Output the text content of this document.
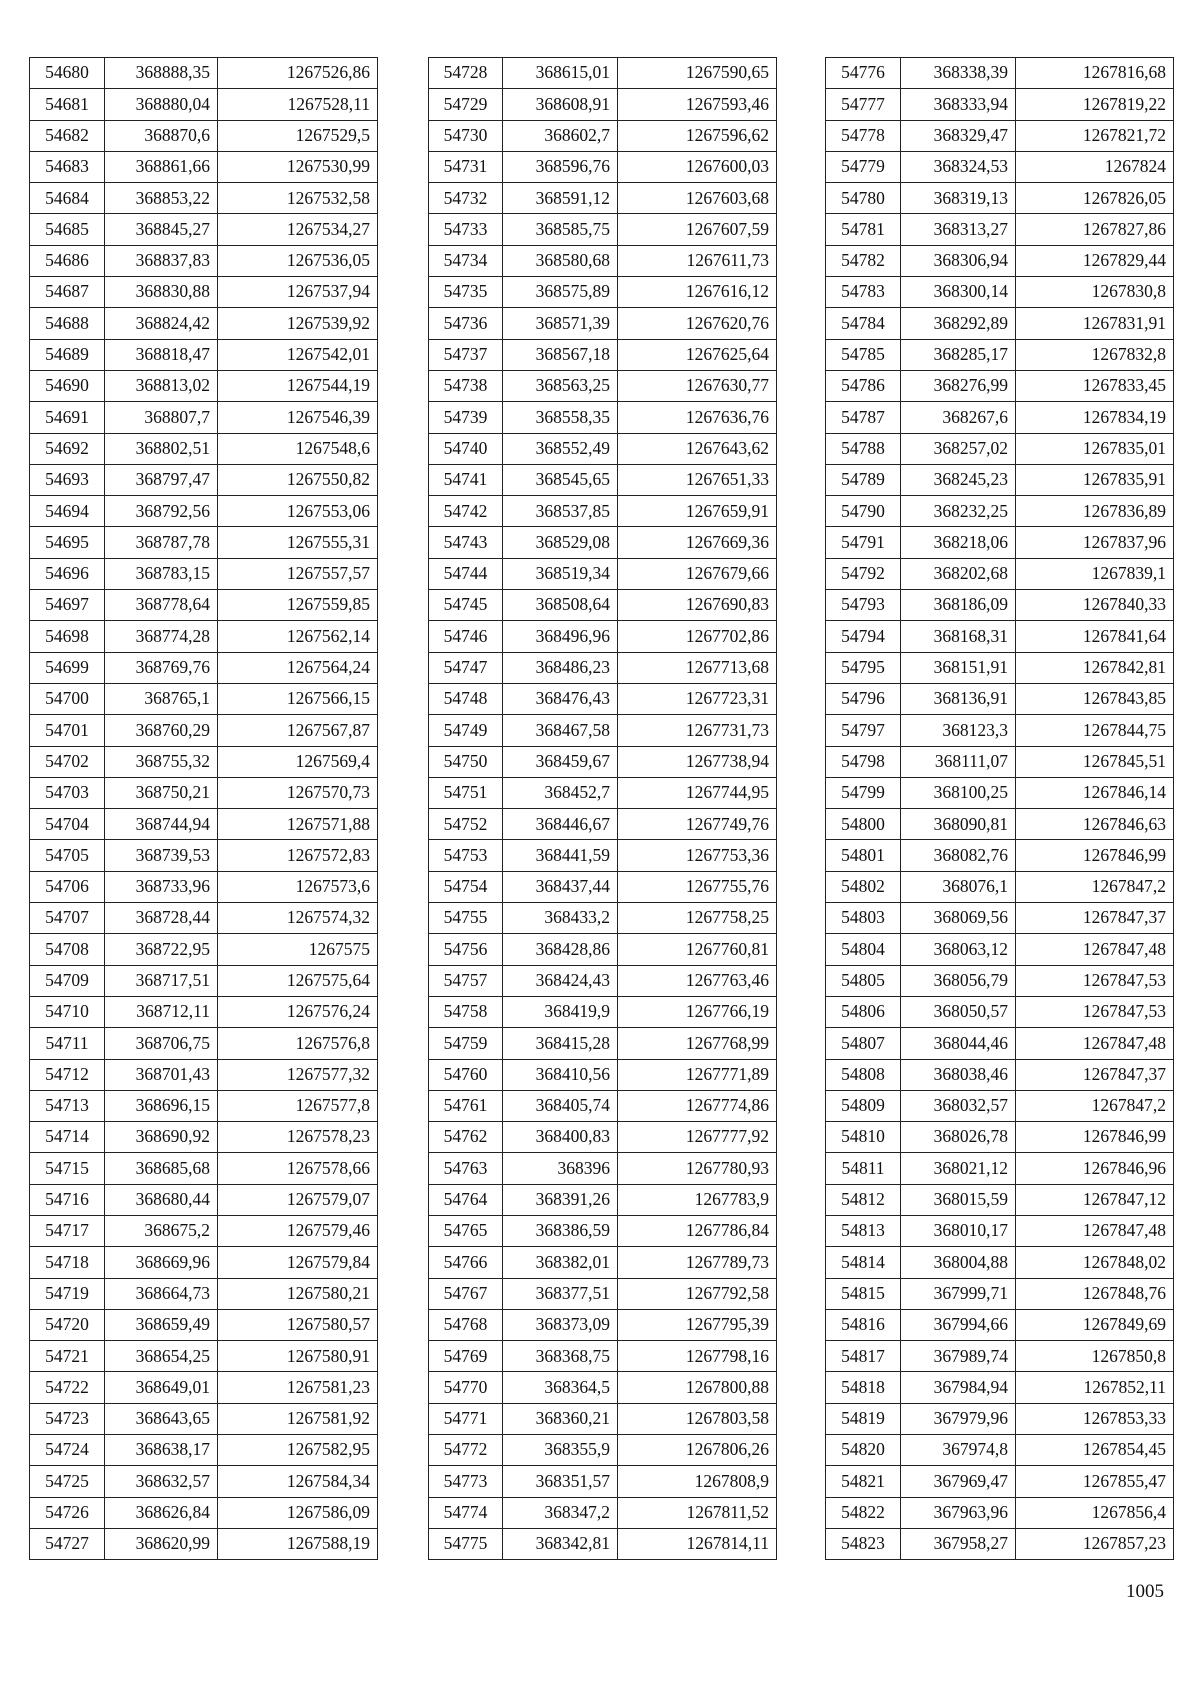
54680	368888,35	1267526,86
54681	368880,04	1267528,11
54682	368870,6	1267529,5
54683	368861,66	1267530,99
54684	368853,22	1267532,58
54685	368845,27	1267534,27
54686	368837,83	1267536,05
54687	368830,88	1267537,94
54688	368824,42	1267539,92
54689	368818,47	1267542,01
54690	368813,02	1267544,19
54691	368807,7	1267546,39
54692	368802,51	1267548,6
54693	368797,47	1267550,82
54694	368792,56	1267553,06
54695	368787,78	1267555,31
54696	368783,15	1267557,57
54697	368778,64	1267559,85
54698	368774,28	1267562,14
54699	368769,76	1267564,24
54700	368765,1	1267566,15
54701	368760,29	1267567,87
54702	368755,32	1267569,4
54703	368750,21	1267570,73
54704	368744,94	1267571,88
54705	368739,53	1267572,83
54706	368733,96	1267573,6
54707	368728,44	1267574,32
54708	368722,95	1267575
54709	368717,51	1267575,64
54710	368712,11	1267576,24
54711	368706,75	1267576,8
54712	368701,43	1267577,32
54713	368696,15	1267577,8
54714	368690,92	1267578,23
54715	368685,68	1267578,66
54716	368680,44	1267579,07
54717	368675,2	1267579,46
54718	368669,96	1267579,84
54719	368664,73	1267580,21
54720	368659,49	1267580,57
54721	368654,25	1267580,91
54722	368649,01	1267581,23
54723	368643,65	1267581,92
54724	368638,17	1267582,95
54725	368632,57	1267584,34
54726	368626,84	1267586,09
54727	368620,99	1267588,19
54728	368615,01	1267590,65
54729	368608,91	1267593,46
54730	368602,7	1267596,62
54731	368596,76	1267600,03
54732	368591,12	1267603,68
54733	368585,75	1267607,59
54734	368580,68	1267611,73
54735	368575,89	1267616,12
54736	368571,39	1267620,76
54737	368567,18	1267625,64
54738	368563,25	1267630,77
54739	368558,35	1267636,76
54740	368552,49	1267643,62
54741	368545,65	1267651,33
54742	368537,85	1267659,91
54743	368529,08	1267669,36
54744	368519,34	1267679,66
54745	368508,64	1267690,83
54746	368496,96	1267702,86
54747	368486,23	1267713,68
54748	368476,43	1267723,31
54749	368467,58	1267731,73
54750	368459,67	1267738,94
54751	368452,7	1267744,95
54752	368446,67	1267749,76
54753	368441,59	1267753,36
54754	368437,44	1267755,76
54755	368433,2	1267758,25
54756	368428,86	1267760,81
54757	368424,43	1267763,46
54758	368419,9	1267766,19
54759	368415,28	1267768,99
54760	368410,56	1267771,89
54761	368405,74	1267774,86
54762	368400,83	1267777,92
54763	368396	1267780,93
54764	368391,26	1267783,9
54765	368386,59	1267786,84
54766	368382,01	1267789,73
54767	368377,51	1267792,58
54768	368373,09	1267795,39
54769	368368,75	1267798,16
54770	368364,5	1267800,88
54771	368360,21	1267803,58
54772	368355,9	1267806,26
54773	368351,57	1267808,9
54774	368347,2	1267811,52
54775	368342,81	1267814,11
54776	368338,39	1267816,68
54777	368333,94	1267819,22
54778	368329,47	1267821,72
54779	368324,53	1267824
54780	368319,13	1267826,05
54781	368313,27	1267827,86
54782	368306,94	1267829,44
54783	368300,14	1267830,8
54784	368292,89	1267831,91
54785	368285,17	1267832,8
54786	368276,99	1267833,45
54787	368267,6	1267834,19
54788	368257,02	1267835,01
54789	368245,23	1267835,91
54790	368232,25	1267836,89
54791	368218,06	1267837,96
54792	368202,68	1267839,1
54793	368186,09	1267840,33
54794	368168,31	1267841,64
54795	368151,91	1267842,81
54796	368136,91	1267843,85
54797	368123,3	1267844,75
54798	368111,07	1267845,51
54799	368100,25	1267846,14
54800	368090,81	1267846,63
54801	368082,76	1267846,99
54802	368076,1	1267847,2
54803	368069,56	1267847,37
54804	368063,12	1267847,48
54805	368056,79	1267847,53
54806	368050,57	1267847,53
54807	368044,46	1267847,48
54808	368038,46	1267847,37
54809	368032,57	1267847,2
54810	368026,78	1267846,99
54811	368021,12	1267846,96
54812	368015,59	1267847,12
54813	368010,17	1267847,48
54814	368004,88	1267848,02
54815	367999,71	1267848,76
54816	367994,66	1267849,69
54817	367989,74	1267850,8
54818	367984,94	1267852,11
54819	367979,96	1267853,33
54820	367974,8	1267854,45
54821	367969,47	1267855,47
54822	367963,96	1267856,4
54823	367958,27	1267857,23
1005
